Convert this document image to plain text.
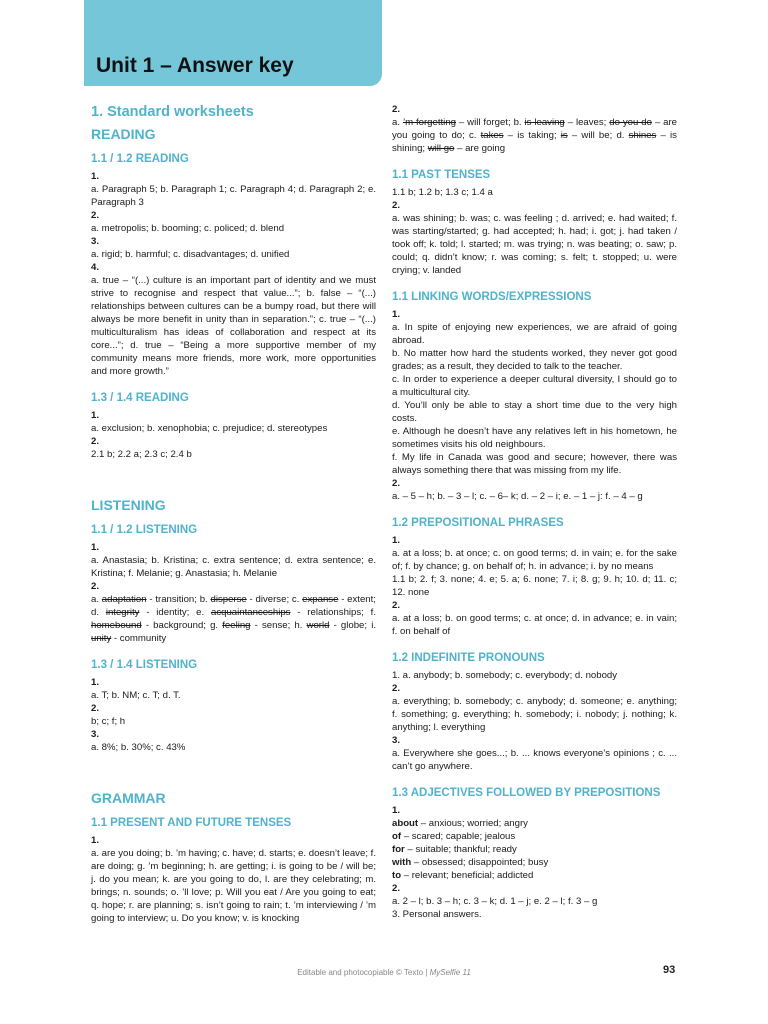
Unit 1 – Answer key
1. Standard worksheets
READING
1.1 / 1.2 READING

1.

a. Paragraph 5; b. Paragraph 1; c. Paragraph 4; d. Paragraph 2; e. Paragraph 3

2.

a. metropolis; b. booming; c. policed; d. blend

3.

a. rigid; b. harmful; c. disadvantages; d. unified

4.

a. true – “(...) culture is an important part of identity and we must strive to recognise and respect that value...”; b. false – “(...) relationships between cultures can be a bumpy road, but there will always be more benefit in unity than in separation.”; c. true – “(...) multiculturalism has ideas of collaboration and respect at its core...”; d. true – “Being a more supportive member of my community means more friends, more work, more opportunities and more growth.”

1.3 / 1.4 READING

1.

a. exclusion; b. xenophobia; c. prejudice; d. stereotypes

2.

2.1 b; 2.2 a; 2.3 c; 2.4 b

LISTENING
1.1 / 1.2 LISTENING

1.

a. Anastasia; b. Kristina; c. extra sentence; d. extra sentence; e. Kristina; f. Melanie; g. Anastasia; h. Melanie

2.

a. adaptation - transition; b. disperse - diverse; c. expanse - extent; d. integrity - identity; e. acquaintanceships - relationships; f. homebound - background; g. feeling - sense; h. world - globe; i. unity - community

1.3 / 1.4 LISTENING

1.

a. T; b. NM; c. T; d. T.

2.

b; c; f; h

3.

a. 8%; b. 30%; c. 43%

GRAMMAR
1.1 PRESENT AND FUTURE TENSES

1.

a. are you doing; b. ’m having; c. have; d. starts; e. doesn’t leave; f. are doing; g. ’m beginning; h. are getting; i. is going to be / will be; j. do you mean; k. are you going to do, l. are they celebrating; m. brings; n. sounds; o. ’ll love; p. Will you eat / Are you going to eat; q. hope; r. are planning; s. isn’t going to rain; t. ’m interviewing / ’m going to interview; u. Do you know; v. is knocking

2.

a. ’m forgetting – will forget; b. is leaving – leaves; do you do – are you going to do; c. takes – is taking; is – will be; d. shines – is shining; will go – are going

1.1 PAST TENSES

1.1 b; 1.2 b; 1.3 c; 1.4 a

2.

a. was shining; b. was; c. was feeling ; d. arrived; e. had waited; f. was starting/started; g. had accepted; h. had; i. got; j. had taken / took off; k. told; l. started; m. was trying; n. was beating; o. saw; p. could; q. didn’t know; r. was coming; s. felt; t. stopped; u. were crying; v. landed

1.1 LINKING WORDS/EXPRESSIONS

1.

a. In spite of enjoying new experiences, we are afraid of going abroad.

b. No matter how hard the students worked, they never got good grades; as a result, they decided to talk to the teacher.

c. In order to experience a deeper cultural diversity, I should go to a multicultural city.

d. You’ll only be able to stay a short time due to the very high costs.

e. Although he doesn’t have any relatives left in his hometown, he sometimes visits his old neighbours.

f. My life in Canada was good and secure; however, there was always something there that was missing from my life.

2.

a. – 5 – h; b. – 3 – l; c. – 6– k; d. – 2 – i; e. – 1 – j: f. – 4 – g

1.2 PREPOSITIONAL PHRASES

1.

a. at a loss; b. at once; c. on good terms; d. in vain; e. for the sake of; f. by chance; g. on behalf of; h. in advance; i. by no means

1.1 b; 2. f; 3. none; 4. e; 5. a; 6. none; 7. i; 8. g; 9. h; 10. d; 11. c; 12. none

2.

a. at a loss; b. on good terms; c. at once; d. in advance; e. in vain; f. on behalf of

1.2 INDEFINITE PRONOUNS

1. a. anybody; b. somebody; c. everybody; d. nobody

2.

a. everything; b. somebody; c. anybody; d. someone; e. anything; f. something; g. everything; h. somebody; i. nobody; j. nothing; k. anything; l. everything

3.

a. Everywhere she goes...; b. ... knows everyone’s opinions ; c. ... can’t go anywhere.

1.3 ADJECTIVES FOLLOWED BY PREPOSITIONS

1.

about – anxious; worried; angry

of – scared; capable; jealous

for – suitable; thankful; ready

with – obsessed; disappointed; busy

to – relevant; beneficial; addicted

2.

a. 2 – l; b. 3 – h; c. 3 – k; d. 1 – j; e. 2 – l; f. 3 – g

3. Personal answers.

Editable and photocopiable © Texto | MySelfie 11	93
